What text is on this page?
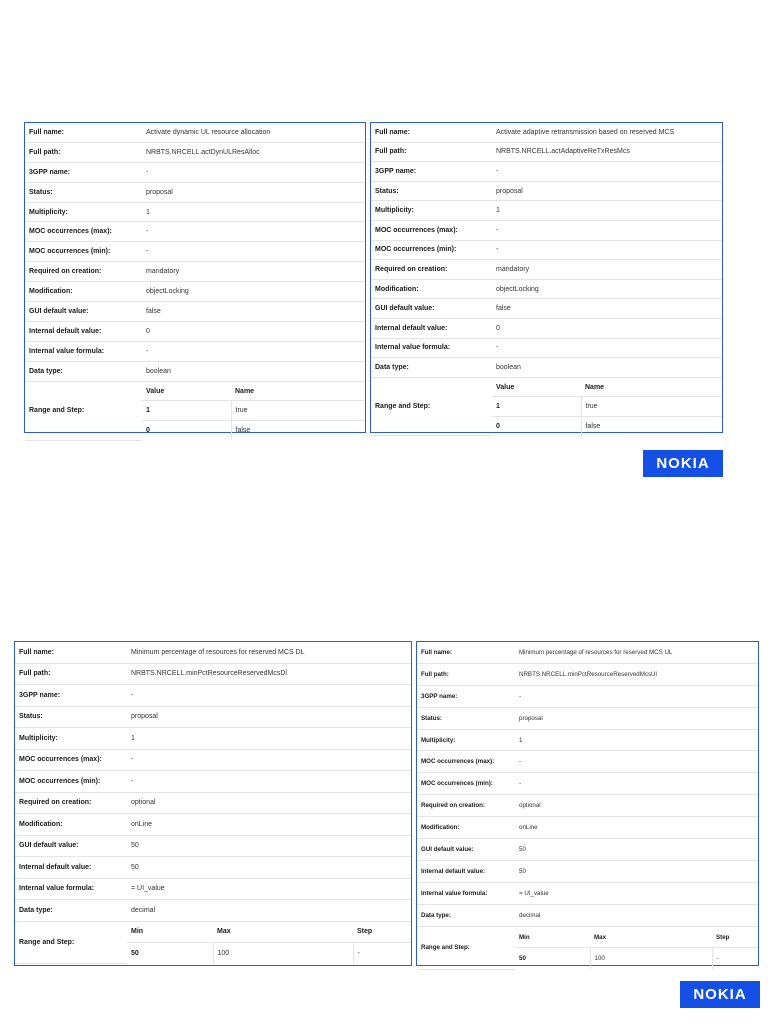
Full name:	Activate dynamic UL resource allocation	
Full path:	NRBTS.NRCELL.actDynULResAlloc	
3GPP name:	-	
Status:	proposal	
Multiplicity:	1	
MOC occurrences (max):	-	
MOC occurrences (min):	-	
Required on creation:	mandatory	
Modification:	objectLocking	
GUI default value:	false	
Internal default value:	0	
Internal value formula:	-	
Data type:	boolean	
Range and Step:	Value	Name
	1	true
	0	false
Full name:	Activate adaptive retransmission based on reserved MCS	
Full path:	NRBTS.NRCELL.actAdaptiveReTxResMcs	
3GPP name:	-	
Status:	proposal	
Multiplicity:	1	
MOC occurrences (max):	-	
MOC occurrences (min):	-	
Required on creation:	mandatory	
Modification:	objectLocking	
GUI default value:	false	
Internal default value:	0	
Internal value formula:	-	
Data type:	boolean	
Range and Step:	Value	Name
	1	true
	0	false
NOKIA
Full name:	Minimum percentage of resources for reserved MCS DL		
Full path:	NRBTS.NRCELL.minPctResourceReservedMcsDl		
3GPP name:	-		
Status:	proposal		
Multiplicity:	1		
MOC occurrences (max):	-		
MOC occurrences (min):	-		
Required on creation:	optional		
Modification:	onLine		
GUI default value:	50		
Internal default value:	50		
Internal value formula:	= UI_value		
Data type:	decimal		
Range and Step:	Min	Max	Step
	50	100	-
Full name:	Minimum percentage of resources for reserved MCS UL		
Full path:	NRBTS.NRCELL.minPctResourceReservedMcsUl		
3GPP name:	-		
Status:	proposal		
Multiplicity:	1		
MOC occurrences (max):	-		
MOC occurrences (min):	-		
Required on creation:	optional		
Modification:	onLine		
GUI default value:	50		
Internal default value:	50		
Internal value formula:	= UI_value		
Data type:	decimal		
Range and Step:	Min	Max	Step
	50	100	-
NOKIA
